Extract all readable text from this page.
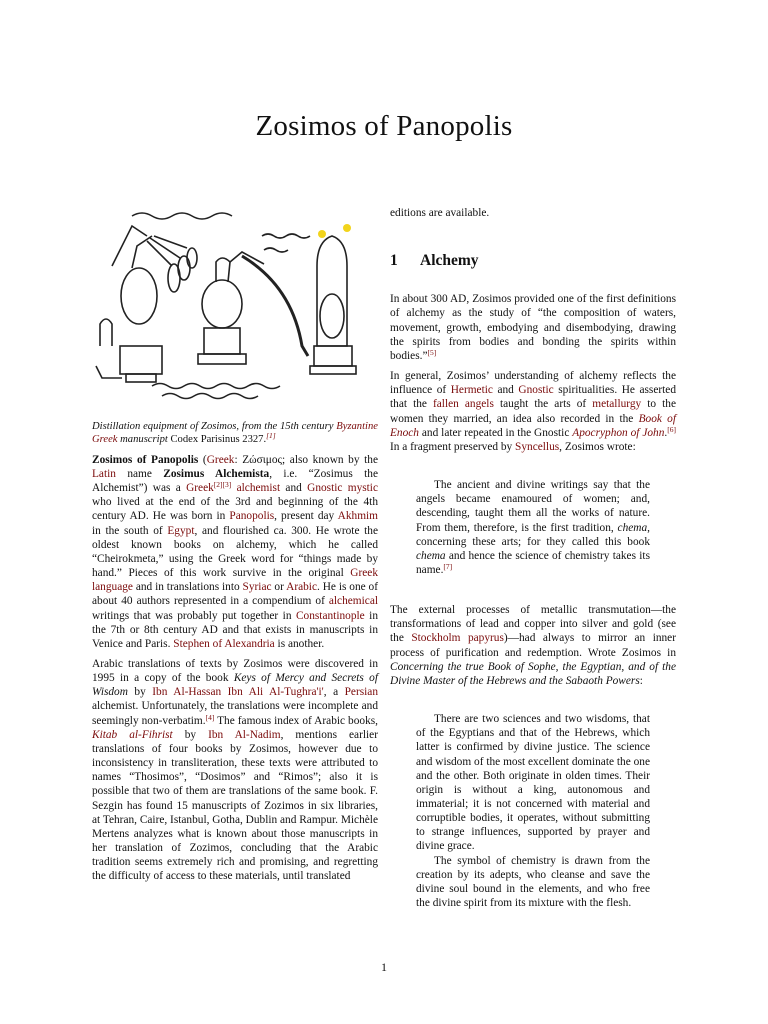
Zosimos of Panopolis

Distillation equipment of Zosimos, from the 15th century Byzantine Greek manuscript Codex Parisinus 2327.[1]

Zosimos of Panopolis (Greek: Ζώσιμος; also known by the Latin name Zosimus Alchemista, i.e. “Zosimus the Alchemist”) was a Greek[2][3] alchemist and Gnostic mystic who lived at the end of the 3rd and beginning of the 4th century AD. He was born in Panopolis, present day Akhmim in the south of Egypt, and flourished ca. 300. He wrote the oldest known books on alchemy, which he called “Cheirokmeta,” using the Greek word for “things made by hand.” Pieces of this work survive in the original Greek language and in translations into Syriac or Arabic. He is one of about 40 authors represented in a compendium of alchemical writings that was probably put together in Constantinople in the 7th or 8th century AD and that exists in manuscripts in Venice and Paris. Stephen of Alexandria is another.

Arabic translations of texts by Zosimos were discovered in 1995 in a copy of the book Keys of Mercy and Secrets of Wisdom by Ibn Al-Hassan Ibn Ali Al-Tughra'i', a Persian alchemist. Unfortunately, the translations were incomplete and seemingly non-verbatim.[4] The famous index of Arabic books, Kitab al-Fihrist by Ibn Al-Nadim, mentions earlier translations of four books by Zosimos, however due to inconsistency in transliteration, these texts were attributed to names “Thosimos”, “Dosimos” and “Rimos”; also it is possible that two of them are translations of the same book. F. Sezgin has found 15 manuscripts of Zozimos in six libraries, at Tehran, Caire, Istanbul, Gotha, Dublin and Rampur. Michèle Mertens analyzes what is known about those manuscripts in her translation of Zozimos, concluding that the Arabic tradition seems extremely rich and promising, and regretting the difficulty of access to these materials, until translated

editions are available.

1 Alchemy

In about 300 AD, Zosimos provided one of the first definitions of alchemy as the study of “the composition of waters, movement, growth, embodying and disembodying, drawing the spirits from bodies and bonding the spirits within bodies.”[5]

In general, Zosimos’ understanding of alchemy reflects the influence of Hermetic and Gnostic spiritualities. He asserted that the fallen angels taught the arts of metallurgy to the women they married, an idea also recorded in the Book of Enoch and later repeated in the Gnostic Apocryphon of John.[6] In a fragment preserved by Syncellus, Zosimos wrote:

The ancient and divine writings say that the angels became enamoured of women; and, descending, taught them all the works of nature. From them, therefore, is the first tradition, chema, concerning these arts; for they called this book chema and hence the science of chemistry takes its name.[7]

The external processes of metallic transmutation—the transformations of lead and copper into silver and gold (see the Stockholm papyrus)—had always to mirror an inner process of purification and redemption. Wrote Zosimos in Concerning the true Book of Sophe, the Egyptian, and of the Divine Master of the Hebrews and the Sabaoth Powers:

There are two sciences and two wisdoms, that of the Egyptians and that of the Hebrews, which latter is confirmed by divine justice. The science and wisdom of the most excellent dominate the one and the other. Both originate in olden times. Their origin is without a king, autonomous and immaterial; it is not concerned with material and corruptible bodies, it operates, without submitting to strange influences, supported by prayer and divine grace.

The symbol of chemistry is drawn from the creation by its adepts, who cleanse and save the divine soul bound in the elements, and who free the divine spirit from its mixture with the flesh.

1
